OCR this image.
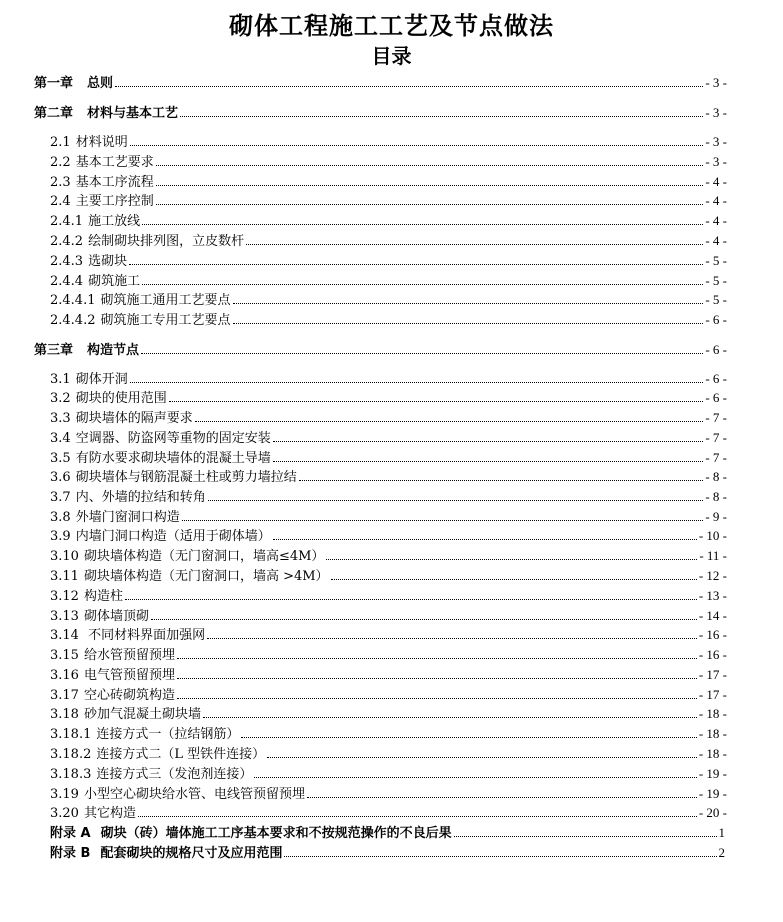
砌体工程施工工艺及节点做法
目录
第一章 总则	- 3 -
第二章 材料与基本工艺	- 3 -
2.1 材料说明	- 3 -
2.2 基本工艺要求	- 3 -
2.3 基本工序流程	- 4 -
2.4 主要工序控制	- 4 -
2.4.1 施工放线	- 4 -
2.4.2 绘制砌块排列图，立皮数杆	- 4 -
2.4.3 选砌块	- 5 -
2.4.4 砌筑施工	- 5 -
2.4.4.1 砌筑施工通用工艺要点	- 5 -
2.4.4.2 砌筑施工专用工艺要点	- 6 -
第三章 构造节点	- 6 -
3.1 砌体开洞	- 6 -
3.2 砌块的使用范围	- 6 -
3.3 砌块墙体的隔声要求	- 7 -
3.4 空调器、防盗网等重物的固定安装	- 7 -
3.5 有防水要求砌块墙体的混凝土导墙	- 7 -
3.6 砌块墙体与钢筋混凝土柱或剪力墙拉结	- 8 -
3.7 内、外墙的拉结和转角	- 8 -
3.8 外墙门窗洞口构造	- 9 -
3.9 内墙门洞口构造（适用于砌体墙）	- 10 -
3.10 砌块墙体构造（无门窗洞口，墙高≤4M）	- 11 -
3.11 砌块墙体构造（无门窗洞口，墙高 >4M）	- 12 -
3.12 构造柱	- 13 -
3.13 砌体墙顶砌	- 14 -
3.14 不同材料界面加强网	- 16 -
3.15 给水管预留预埋	- 16 -
3.16 电气管预留预埋	- 17 -
3.17 空心砖砌筑构造	- 17 -
3.18 砂加气混凝土砌块墙	- 18 -
3.18.1 连接方式一（拉结钢筋）	- 18 -
3.18.2 连接方式二（L 型铁件连接）	- 18 -
3.18.3 连接方式三（发泡剂连接）	- 19 -
3.19 小型空心砌块给水管、电线管预留预埋	- 19 -
3.20 其它构造	- 20 -
附录 A 砌块（砖）墙体施工工序基本要求和不按规范操作的不良后果	1
附录 B 配套砌块的规格尺寸及应用范围	2
